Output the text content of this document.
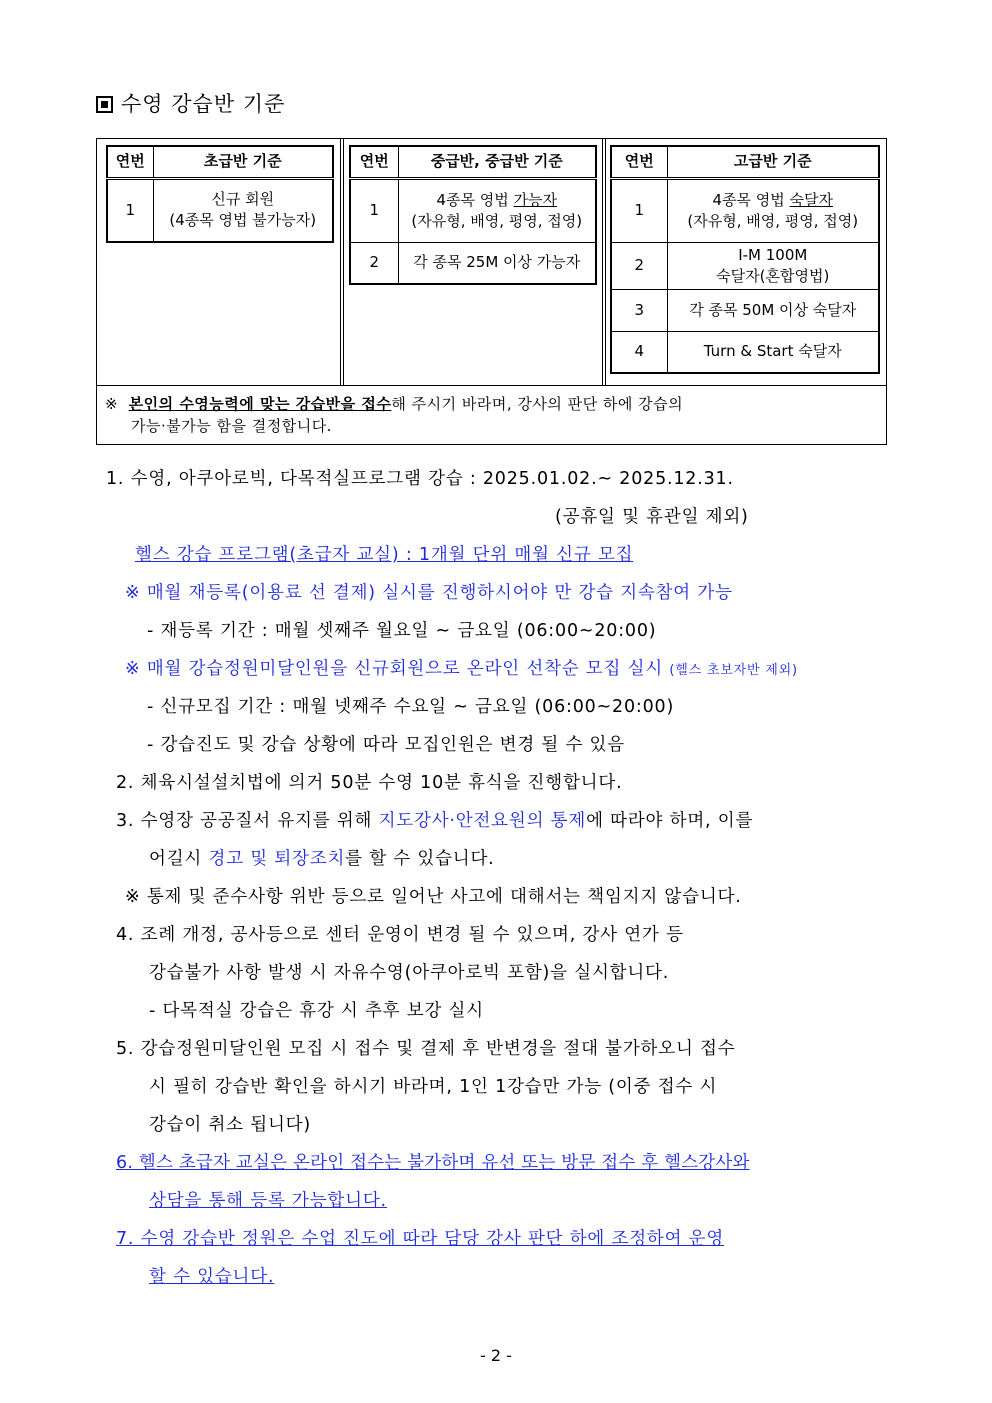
수영 강습반 기준
연번	초급반 기준
1	신규 회원
(4종목 영법 불가능자)
연번	중급반, 중급반 기준
1	4종목 영법 가능자
(자유형, 배영, 평영, 접영)

2	각 종목 25M 이상 가능자
연번	고급반 기준
1	4종목 영법 숙달자
(자유형, 배영, 평영, 접영)

2	I-M 100M
숙달자(혼합영법)

3	각 종목 50M 이상 숙달자
4	Turn & Start 숙달자
※ 본인의 수영능력에 맞는 강습반을 접수해 주시기 바라며, 강사의 판단 하에 강습의
가능·불가능 함을 결정합니다.
1. 수영, 아쿠아로빅, 다목적실프로그램 강습 : 2025.01.02.~ 2025.12.31.
(공휴일 및 휴관일 제외)
헬스 강습 프로그램(초급자 교실) : 1개월 단위 매월 신규 모집
※ 매월 재등록(이용료 선 결제) 실시를 진행하시어야 만 강습 지속참여 가능
- 재등록 기간 : 매월 셋째주 월요일 ~ 금요일 (06:00~20:00)
※ 매월 강습정원미달인원을 신규회원으로 온라인 선착순 모집 실시 (헬스 초보자반 제외)
- 신규모집 기간 : 매월 넷째주 수요일 ~ 금요일 (06:00~20:00)
- 강습진도 및 강습 상황에 따라 모집인원은 변경 될 수 있음
2. 체육시설설치법에 의거 50분 수영 10분 휴식을 진행합니다.
3. 수영장 공공질서 유지를 위해 지도강사·안전요원의 통제에 따라야 하며, 이를
어길시 경고 및 퇴장조치를 할 수 있습니다.
※ 통제 및 준수사항 위반 등으로 일어난 사고에 대해서는 책임지지 않습니다.
4. 조례 개정, 공사등으로 센터 운영이 변경 될 수 있으며, 강사 연가 등
강습불가 사항 발생 시 자유수영(아쿠아로빅 포함)을 실시합니다.
- 다목적실 강습은 휴강 시 추후 보강 실시
5. 강습정원미달인원 모집 시 접수 및 결제 후 반변경을 절대 불가하오니 접수
시 필히 강습반 확인을 하시기 바라며, 1인 1강습만 가능 (이중 접수 시
강습이 취소 됩니다)
6. 헬스 초급자 교실은 온라인 접수는 불가하며 유선 또는 방문 접수 후 헬스강사와
상담을 통해 등록 가능합니다.
7. 수영 강습반 정원은 수업 진도에 따라 담당 강사 판단 하에 조정하여 운영
할 수 있습니다.
- 2 -
